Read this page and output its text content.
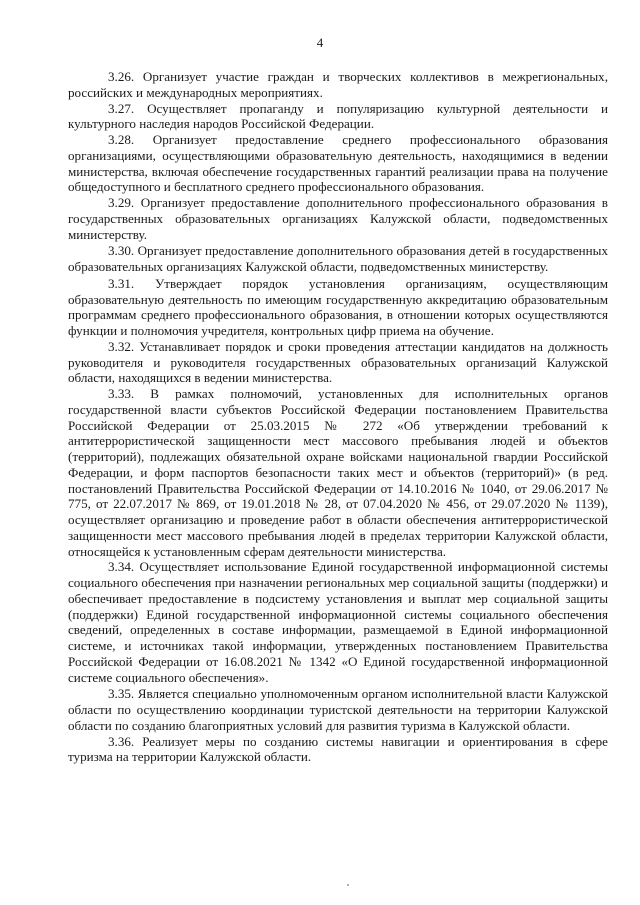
4

3.26. Организует участие граждан и творческих коллективов в межрегиональных, российских и международных мероприятиях.

3.27. Осуществляет пропаганду и популяризацию культурной деятельности и культурного наследия народов Российской Федерации.

3.28. Организует предоставление среднего профессионального образования организациями, осуществляющими образовательную деятельность, находящимися в ведении министерства, включая обеспечение государственных гарантий реализации права на получение общедоступного и бесплатного среднего профессионального образования.

3.29. Организует предоставление дополнительного профессионального образования в государственных образовательных организациях Калужской области, подведомственных министерству.

3.30. Организует предоставление дополнительного образования детей в государственных образовательных организациях Калужской области, подведомственных министерству.

3.31. Утверждает порядок установления организациям, осуществляющим образовательную деятельность по имеющим государственную аккредитацию образовательным программам среднего профессионального образования, в отношении которых осуществляются функции и полномочия учредителя, контрольных цифр приема на обучение.

3.32. Устанавливает порядок и сроки проведения аттестации кандидатов на должность руководителя и руководителя государственных образовательных организаций Калужской области, находящихся в ведении министерства.

3.33. В рамках полномочий, установленных для исполнительных органов государственной власти субъектов Российской Федерации постановлением Правительства Российской Федерации от 25.03.2015 № 272 «Об утверждении требований к антитеррористической защищенности мест массового пребывания людей и объектов (территорий), подлежащих обязательной охране войсками национальной гвардии Российской Федерации, и форм паспортов безопасности таких мест и объектов (территорий)» (в ред. постановлений Правительства Российской Федерации от 14.10.2016 № 1040, от 29.06.2017 № 775, от 22.07.2017 № 869, от 19.01.2018 № 28, от 07.04.2020 № 456, от 29.07.2020 № 1139), осуществляет организацию и проведение работ в области обеспечения антитеррористической защищенности мест массового пребывания людей в пределах территории Калужской области, относящейся к установленным сферам деятельности министерства.

3.34. Осуществляет использование Единой государственной информационной системы социального обеспечения при назначении региональных мер социальной защиты (поддержки) и обеспечивает предоставление в подсистему установления и выплат мер социальной защиты (поддержки) Единой государственной информационной системы социального обеспечения сведений, определенных в составе информации, размещаемой в Единой информационной системе, и источниках такой информации, утвержденных постановлением Правительства Российской Федерации от 16.08.2021 № 1342 «О Единой государственной информационной системе социального обеспечения».

3.35. Является специально уполномоченным органом исполнительной власти Калужской области по осуществлению координации туристской деятельности на территории Калужской области по созданию благоприятных условий для развития туризма в Калужской области.

3.36. Реализует меры по созданию системы навигации и ориентирования в сфере туризма на территории Калужской области.
